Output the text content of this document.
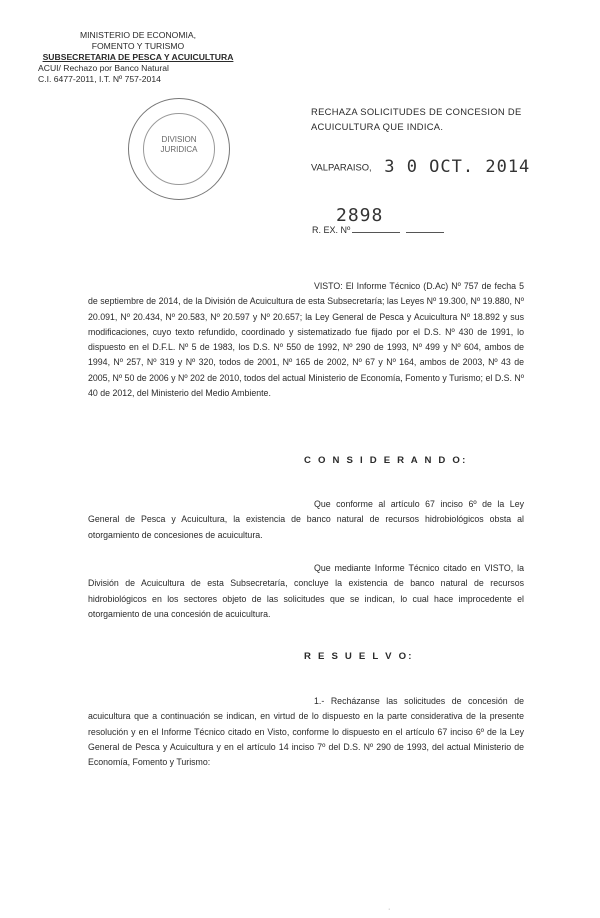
MINISTERIO DE ECONOMIA,
FOMENTO Y TURISMO
SUBSECRETARIA DE PESCA Y ACUICULTURA
ACUI/ Rechazo por Banco Natural
C.I. 6477-2011, I.T. Nº 757-2014
DIVISION
JURIDICA
RECHAZA SOLICITUDES DE CONCESION DE ACUICULTURA QUE INDICA.
VALPARAISO, 3 0 OCT. 2014
2898
R. EX. Nº
VISTO: El Informe Técnico (D.Ac) Nº 757 de fecha 5 de septiembre de 2014, de la División de Acuicultura de esta Subsecretaría; las Leyes Nº 19.300, Nº 19.880, Nº 20.091, Nº 20.434, Nº 20.583, Nº 20.597 y Nº 20.657; la Ley General de Pesca y Acuicultura Nº 18.892 y sus modificaciones, cuyo texto refundido, coordinado y sistematizado fue fijado por el D.S. Nº 430 de 1991, lo dispuesto en el D.F.L. Nº 5 de 1983, los D.S. Nº 550 de 1992, Nº 290 de 1993, Nº 499 y Nº 604, ambos de 1994, Nº 257, Nº 319 y Nº 320, todos de 2001, Nº 165 de 2002, Nº 67 y Nº 164, ambos de 2003, Nº 43 de 2005, Nº 50 de 2006 y Nº 202 de 2010, todos del actual Ministerio de Economía, Fomento y Turismo; el D.S. Nº 40 de 2012, del Ministerio del Medio Ambiente.
C O N S I D E R A N D O:
Que conforme al artículo 67 inciso 6º de la Ley General de Pesca y Acuicultura, la existencia de banco natural de recursos hidrobiológicos obsta al otorgamiento de concesiones de acuicultura.
Que mediante Informe Técnico citado en VISTO, la División de Acuicultura de esta Subsecretaría, concluye la existencia de banco natural de recursos hidrobiológicos en los sectores objeto de las solicitudes que se indican, lo cual hace improcedente el otorgamiento de una concesión de acuicultura.
R E S U E L V O:
1.- Recházanse las solicitudes de concesión de acuicultura que a continuación se indican, en virtud de lo dispuesto en la parte considerativa de la presente resolución y en el Informe Técnico citado en Visto, conforme lo dispuesto en el artículo 67 inciso 6º de la Ley General de Pesca y Acuicultura y en el artículo 14 inciso 7º del D.S. Nº 290 de 1993, del actual Ministerio de Economía, Fomento y Turismo:
·
